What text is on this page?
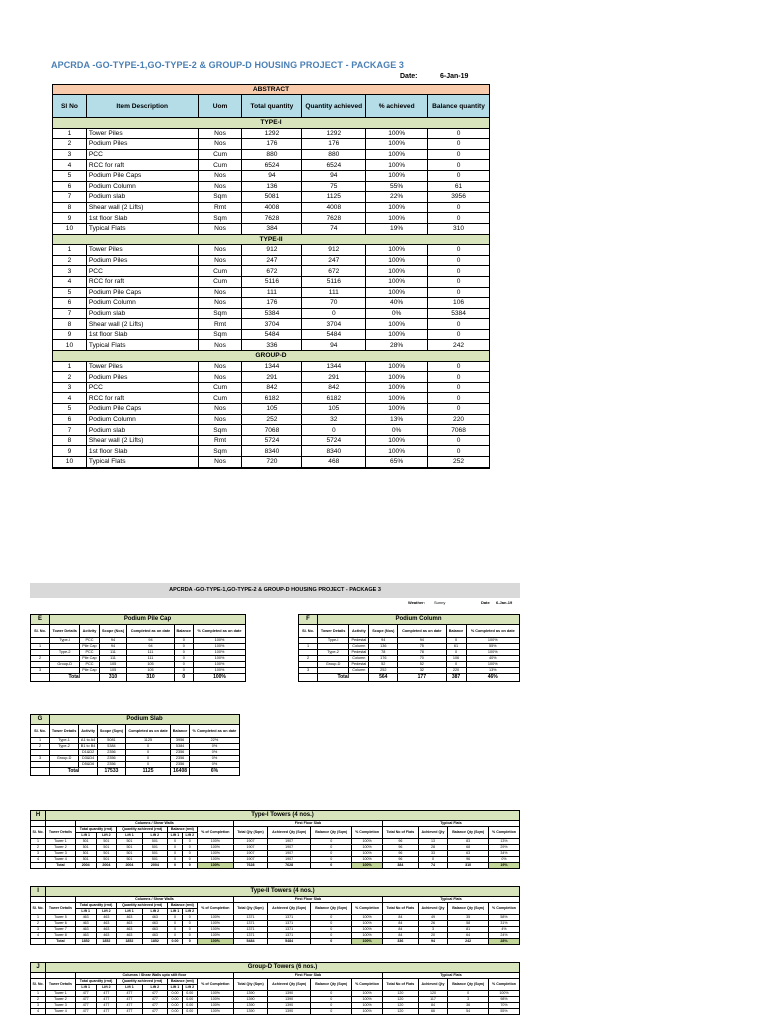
APCRDA -GO-TYPE-1,GO-TYPE-2 & GROUP-D HOUSING PROJECT - PACKAGE 3
Date:	6-Jan-19
ABSTRACT						
Sl No	Item Description	Uom	Total quantity	Quantity achieved	% achieved	Balance quantity
TYPE-I						
1	Tower Piles	Nos	1292	1292	100%	0
2	Podium Piles	Nos	176	176	100%	0
3	PCC	Cum	880	880	100%	0
4	RCC for raft	Cum	6524	6524	100%	0
5	Podium Pile Caps	Nos	94	94	100%	0
6	Podium Column	Nos	136	75	55%	61
7	Podium slab	Sqm	5081	1125	22%	3956
8	Shear wall (2 Lifts)	Rmt	4008	4008	100%	0
9	1st floor Slab	Sqm	7628	7628	100%	0
10	Typical Flats	Nos	384	74	19%	310
TYPE-II						
1	Tower Piles	Nos	912	912	100%	0
2	Podium Piles	Nos	247	247	100%	0
3	PCC	Cum	672	672	100%	0
4	RCC for raft	Cum	5116	5116	100%	0
5	Podium Pile Caps	Nos	111	111	100%	0
6	Podium Column	Nos	176	70	40%	106
7	Podium slab	Sqm	5384	0	0%	5384
8	Shear wall (2 Lifts)	Rmt	3704	3704	100%	0
9	1st floor Slab	Sqm	5484	5484	100%	0
10	Typical Flats	Nos	336	94	28%	242
GROUP-D						
1	Tower Piles	Nos	1344	1344	100%	0
2	Podium Piles	Nos	291	291	100%	0
3	PCC	Cum	842	842	100%	0
4	RCC for raft	Cum	6182	6182	100%	0
5	Podium Pile Caps	Nos	105	105	100%	0
6	Podium Column	Nos	252	32	13%	220
7	Podium slab	Sqm	7068	0	0%	7068
8	Shear wall (2 Lifts)	Rmt	5724	5724	100%	0
9	1st floor Slab	Sqm	8340	8340	100%	0
10	Typical Flats	Nos	720	468	65%	252
APCRDA -GO-TYPE-1,GO-TYPE-2 & GROUP-D HOUSING PROJECT - PACKAGE 3
Weather: Sunny	Date 6-Jan-19
E	Podium Pile Cap					
Sl. No.	Tower Details	Activity	Scope (Nos)	Completed as on date	Balance	% Completed as on date
	Type-I	PCC	94	94	0	100%
1		Pile Cap	94	94	0	100%
	Type-2	PCC	111	111	0	100%
2		Pile Cap	111	111	0	100%
	Group-D	PCC	105	105	0	100%
3		Pile Cap	105	105	0	100%
	Total		310	310	0	100%
F	Podium Column					
Sl. No.	Tower Details	Activity	Scope (Nos)	Completed as on date	Balance	% Completed as on date
	Type-I	Pedestal	94	94	0	100%
1		Column	136	75	61	55%
	Type-2	Pedestal	78	78	0	100%
2		Column	176	70	106	40%
	Group-D	Pedestal	52	52	0	100%
3		Column	252	32	220	13%
	Total		564	177	387	46%
G	Podium Slab					
Sl. No.	Tower Details	Activity	Scope (Sqm)	Completed as on date	Balance	% Completed as on date
1	Type-1	A1 to A4	5081	1125	3956	22%
2	Type-2	B1 to B4	5384	0	5384	0%
		D1&D2	2356	0	2356	0%
3	Group-D	D3&D4	2356	0	2356	0%
		D5&D6	2356	0	2356	0%
	Total		17533	1125	16408	6%
H	Type-I Towers (4 nos.)															
		Columns / Shear Walls							First Floor Slab				Typical Flats			
Sl. No.	Tower Details	Total quantity (rmt)		Quantity achieved (rmt)		Balance (rmt)		% of Completion	Total Qty (Sqm)	Achieved Qty (Sqm)	Balance Qty (Sqm)	% Completion	Total No of Flats	Achieved Qty	Balance Qty (Sqm)	% Completion
		Lift 1	Lift 2	Lift 1	Lift 2	Lift 1	Lift 2									
1	Tower 1	501	501	501	501	0	0	100%	1907	1907	0	100%	96	13	83	13%
2	Tower 2	501	501	501	501	0	0	100%	1907	1907	0	100%	96	28	68	29%
3	Tower 3	501	501	501	501	0	0	100%	1907	1907	0	100%	96	33	63	34%
4	Tower 4	501	501	501	501	0	0	100%	1907	1907	0	100%	96	0	96	0%
	Total	2004	2004	2004	2004	0	0	100%	7628	7628	0	100%	384	74	310	19%
I	Type-II Towers (4 nos.)															
		Columns / Shear Walls							First Floor Slab				Typical Flats			
Sl. No.	Tower Details	Total quantity (rmt)		Quantity achieved (rmt)		Balance (rmt)		% of Completion	Total Qty (Sqm)	Achieved Qty (Sqm)	Balance Qty (Sqm)	% Completion	Total No of Flats	Achieved Qty	Balance Qty (Sqm)	% Completion
		Lift 1	Lift 2	Lift 1	Lift 2	Lift 1	Lift 2									
1	Tower 5	463	463	463	463	0	0	100%	1371	1371	0	100%	84	49	35	58%
2	Tower 6	463	463	463	463	0	0	100%	1371	1371	0	100%	84	26	58	31%
3	Tower 7	463	463	463	463	0	0	100%	1371	1371	0	100%	84	3	81	4%
4	Tower 8	463	463	463	463	0	0	100%	1371	1371	0	100%	84	20	64	24%
	Total	1852	1852	1852	1852	0.00	0	100%	5484	5484	0	100%	336	94	242	28%
J	Group-D Towers (6 nos.)															
		Columns / Shear Walls upto stilt floor							First Floor Slab				Typical Flats			
Sl. No.	Tower Details	Total quantity (rmt)		Quantity achieved (rmt)		Balance (rmt)		% of Completion	Total Qty (Sqm)	Achieved Qty (Sqm)	Balance Qty (Sqm)	% Completion	Total No of Flats	Achieved Qty	Balance Qty (Sqm)	% Completion
		Lift 1	Lift 2	Lift 1	Lift 2	Lift 1	Lift 2									
1	Tower 1	477	477	477	477	0.00	0.00	100%	1390	1390	0	100%	120	120	0	100%
2	Tower 2	477	477	477	477	0.00	0.00	100%	1390	1390	0	100%	120	117	3	98%
3	Tower 3	477	477	477	477	0.00	0.00	100%	1390	1390	0	100%	120	84	36	70%
4	Tower 4	477	477	477	477	0.00	0.00	100%	1390	1390	0	100%	120	66	54	55%
